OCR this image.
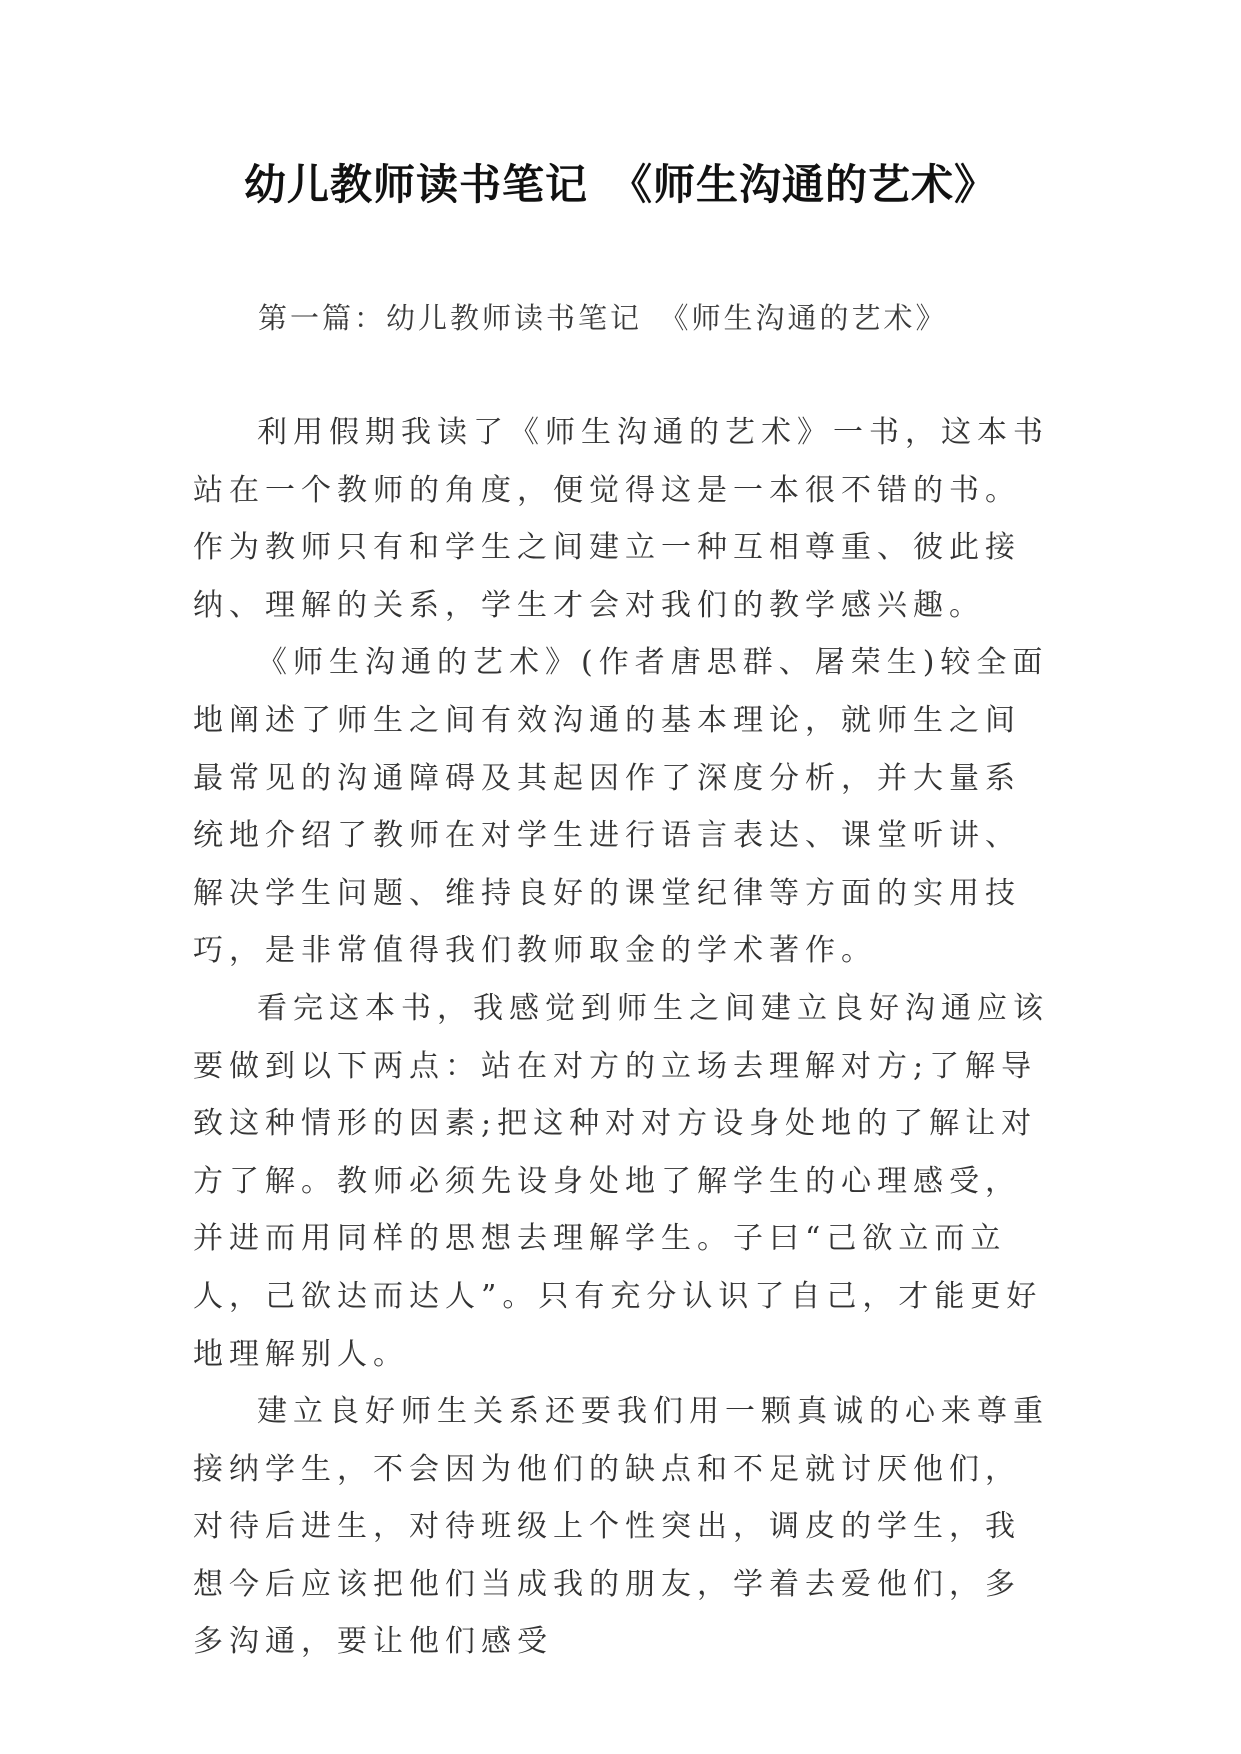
幼儿教师读书笔记　《师生沟通的艺术》

第一篇：幼儿教师读书笔记　《师生沟通的艺术》

利用假期我读了《师生沟通的艺术》一书，这本书站在一个教师的角度，便觉得这是一本很不错的书。作为教师只有和学生之间建立一种互相尊重、彼此接纳、理解的关系，学生才会对我们的教学感兴趣。

《师生沟通的艺术》(作者唐思群、屠荣生)较全面地阐述了师生之间有效沟通的基本理论，就师生之间最常见的沟通障碍及其起因作了深度分析，并大量系统地介绍了教师在对学生进行语言表达、课堂听讲、解决学生问题、维持良好的课堂纪律等方面的实用技巧，是非常值得我们教师取金的学术著作。

看完这本书，我感觉到师生之间建立良好沟通应该要做到以下两点：站在对方的立场去理解对方;了解导致这种情形的因素;把这种对对方设身处地的了解让对方了解。教师必须先设身处地了解学生的心理感受，并进而用同样的思想去理解学生。子曰“己欲立而立人，己欲达而达人”。只有充分认识了自己，才能更好地理解别人。

建立良好师生关系还要我们用一颗真诚的心来尊重接纳学生，不会因为他们的缺点和不足就讨厌他们，对待后进生，对待班级上个性突出，调皮的学生，我想今后应该把他们当成我的朋友，学着去爱他们，多多沟通，要让他们感受
